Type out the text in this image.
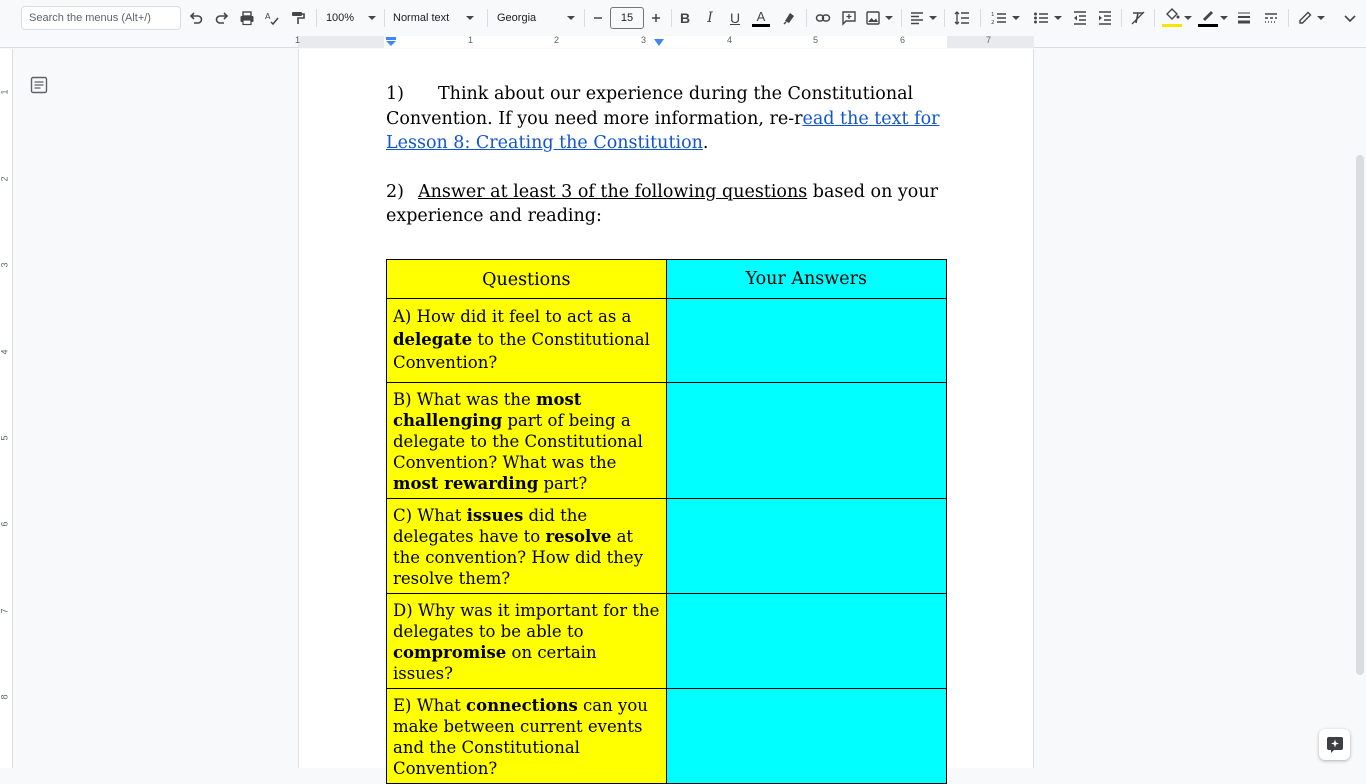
Search the menus (Alt+/)	A	100%	Normal text	Georgia	15	B	I	U	A	1
2
1	1	2	3	4	5	6	7
1
2
3
4
5
6
7
8

1) Think about our experience during the Constitutional Convention. If you need more information, re-read the text for Lesson 8: Creating the Constitution.

2) Answer at least 3 of the following questions based on your experience and reading:

Questions	Your Answers
A) How did it feel to act as a delegate to the Constitutional Convention?	
B) What was the most challenging part of being a delegate to the Constitutional Convention? What was the most rewarding part?	
C) What issues did the delegates have to resolve at the convention? How did they resolve them?	
D) Why was it important for the delegates to be able to compromise on certain issues?	
E) What connections can you make between current events and the Constitutional Convention?	
